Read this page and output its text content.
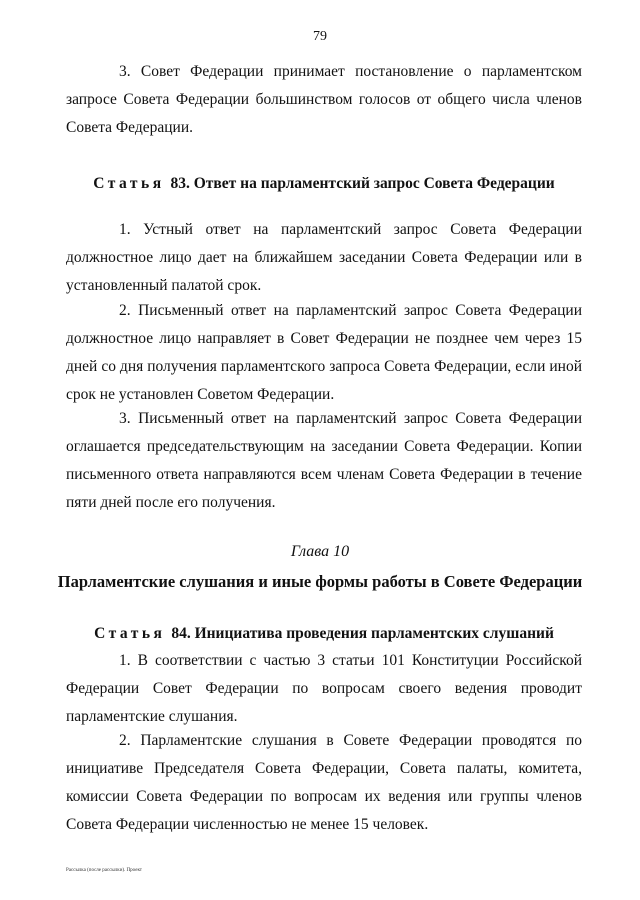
79
3. Совет Федерации принимает постановление о парламентском запросе Совета Федерации большинством голосов от общего числа членов Совета Федерации.
Статья 83. Ответ на парламентский запрос Совета Федерации
1. Устный ответ на парламентский запрос Совета Федерации должностное лицо дает на ближайшем заседании Совета Федерации или в установленный палатой срок.
2. Письменный ответ на парламентский запрос Совета Федерации должностное лицо направляет в Совет Федерации не позднее чем через 15 дней со дня получения парламентского запроса Совета Федерации, если иной срок не установлен Советом Федерации.
3. Письменный ответ на парламентский запрос Совета Федерации оглашается председательствующим на заседании Совета Федерации. Копии письменного ответа направляются всем членам Совета Федерации в течение пяти дней после его получения.
Глава 10
Парламентские слушания и иные формы работы в Совете Федерации
Статья 84. Инициатива проведения парламентских слушаний
1. В соответствии с частью 3 статьи 101 Конституции Российской Федерации Совет Федерации по вопросам своего ведения проводит парламентские слушания.
2. Парламентские слушания в Совете Федерации проводятся по инициативе Председателя Совета Федерации, Совета палаты, комитета, комиссии Совета Федерации по вопросам их ведения или группы членов Совета Федерации численностью не менее 15 человек.
Рассылка (после рассылки). Проект
